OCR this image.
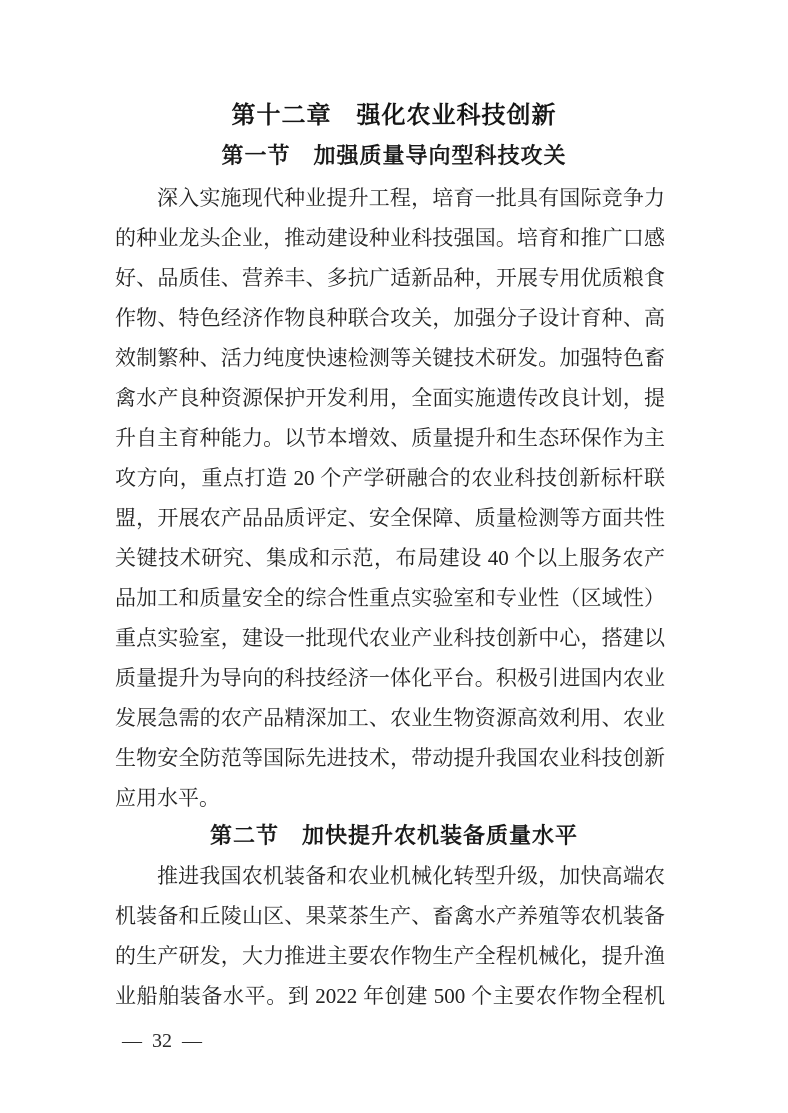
第十二章　强化农业科技创新
第一节　加强质量导向型科技攻关
深入实施现代种业提升工程，培育一批具有国际竞争力
的种业龙头企业，推动建设种业科技强国。培育和推广口感
好、品质佳、营养丰、多抗广适新品种，开展专用优质粮食
作物、特色经济作物良种联合攻关，加强分子设计育种、高
效制繁种、活力纯度快速检测等关键技术研发。加强特色畜
禽水产良种资源保护开发利用，全面实施遗传改良计划，提
升自主育种能力。以节本增效、质量提升和生态环保作为主
攻方向，重点打造 20 个产学研融合的农业科技创新标杆联
盟，开展农产品品质评定、安全保障、质量检测等方面共性
关键技术研究、集成和示范，布局建设 40 个以上服务农产
品加工和质量安全的综合性重点实验室和专业性（区域性）
重点实验室，建设一批现代农业产业科技创新中心，搭建以
质量提升为导向的科技经济一体化平台。积极引进国内农业
发展急需的农产品精深加工、农业生物资源高效利用、农业
生物安全防范等国际先进技术，带动提升我国农业科技创新
应用水平。
第二节　加快提升农机装备质量水平
推进我国农机装备和农业机械化转型升级，加快高端农
机装备和丘陵山区、果菜茶生产、畜禽水产养殖等农机装备
的生产研发，大力推进主要农作物生产全程机械化，提升渔
业船舶装备水平。到 2022 年创建 500 个主要农作物全程机
— 32 —
